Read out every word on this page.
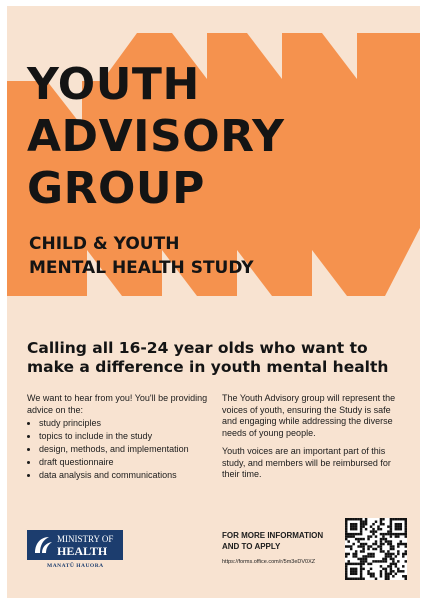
YOUTH
ADVISORY
GROUP
CHILD & YOUTH
MENTAL HEALTH STUDY
Calling all 16-24 year olds who want to make a difference in youth mental health

We want to hear from you! You'll be providing advice on the:

• study principles
• topics to include in the study
• design, methods, and implementation
• draft questionnaire
• data analysis and communications

The Youth Advisory group will represent the voices of youth, ensuring the Study is safe and engaging while addressing the diverse needs of young people.

Youth voices are an important part of this study, and members will be reimbursed for their time.

MINISTRY OF
HEALTH
MANATŪ HAUORA
FOR MORE INFORMATION
AND TO APPLY
https://forms.office.com/r/5m3eDV0XZ
